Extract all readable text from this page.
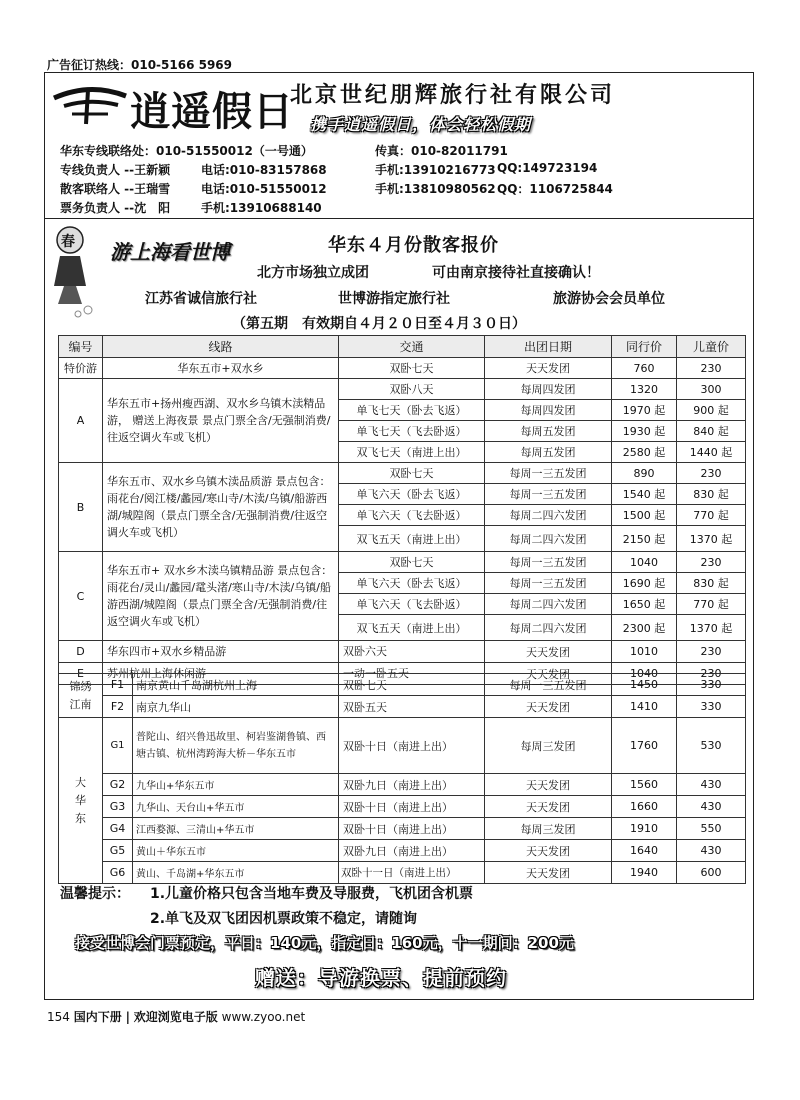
广告征订热线：010-5166 5969
逍遥假日
北京世纪朋辉旅行社有限公司
携手逍遥假日，体会轻松假期
华东专线联络处：010-51550012（一号通）	传真：010-82011791
专线负责人 --王新颖	电话:010-83157868	手机:13910216773 QQ:149723194
散客联络人 --王瑞雪	电话:010-51550012	手机:13810980562 QQ：1106725844
票务负责人 --沈　阳	手机:13910688140
春 游上海看世博	华东４月份散客报价
北方市场独立成团	可由南京接待社直接确认！
江苏省诚信旅行社	世博游指定旅行社	旅游协会会员单位
（第五期　有效期自４月２０日至４月３０日）
编号	线路	交通	出团日期	同行价	儿童价
特价游	华东五市+双水乡	双卧七天	天天发团	760	230
A	华东五市+扬州瘦西湖、双水乡乌镇木渎精品游， 赠送上海夜景 景点门票全含/无强制消费/往返空调火车或飞机）	双卧八天	每周四发团	1320	300
		单飞七天（卧去飞返）	每周四发团	1970 起	900 起
		单飞七天（飞去卧返）	每周五发团	1930 起	840 起
		双飞七天（南进上出）	每周五发团	2580 起	1440 起
B	华东五市、双水乡乌镇木渎品质游 景点包含：雨花台/阅江楼/蠡园/寒山寺/木渎/乌镇/船游西湖/城隍阁（景点门票全含/无强制消费/往返空调火车或飞机）	双卧七天	每周一三五发团	890	230
		单飞六天（卧去飞返）	每周一三五发团	1540 起	830 起
		单飞六天（飞去卧返）	每周二四六发团	1500 起	770 起
		双飞五天（南进上出）	每周二四六发团	2150 起	1370 起
C	华东五市+ 双水乡木渎乌镇精品游 景点包含：雨花台/灵山/蠡园/鼋头渚/寒山寺/木渎/乌镇/船游西湖/城隍阁（景点门票全含/无强制消费/往返空调火车或飞机）	双卧七天	每周一三五发团	1040	230
		单飞六天（卧去飞返）	每周一三五发团	1690 起	830 起
		单飞六天（飞去卧返）	每周二四六发团	1650 起	770 起
		双飞五天（南进上出）	每周二四六发团	2300 起	1370 起
D	华东四市+双水乡精品游	双卧六天	天天发团	1010	230
E	苏州杭州上海休闲游	一动一卧五天	天天发团	1040	230
锦绣江南	F1	南京黄山千岛湖杭州上海	双卧七天	每周一三五发团	1450	330
	F2	南京九华山	双卧五天	天天发团	1410	330
大华东	G1	普陀山、绍兴鲁迅故里、柯岩鉴湖鲁镇、西塘古镇、杭州湾跨海大桥－华东五市	双卧十日（南进上出）	每周三发团	1760	530
	G2	九华山+华东五市	双卧九日（南进上出）	天天发团	1560	430
	G3	九华山、天台山+华五市	双卧十日（南进上出）	天天发团	1660	430
	G4	江西婺源、三清山+华五市	双卧十日（南进上出）	每周三发团	1910	550
	G5	黄山＋华东五市	双卧九日（南进上出）	天天发团	1640	430
	G6	黄山、千岛湖+华东五市	双卧十一日（南进上出）	天天发团	1940	600
温馨提示： 1.儿童价格只包含当地车费及导服费，飞机团含机票
2.单飞及双飞团因机票政策不稳定，请随询
接受世博会门票预定，平日：140元，指定日：160元，十一期间：200元
赠送：导游换票、提前预约
154 国内下册 | 欢迎浏览电子版 www.zyoo.net
